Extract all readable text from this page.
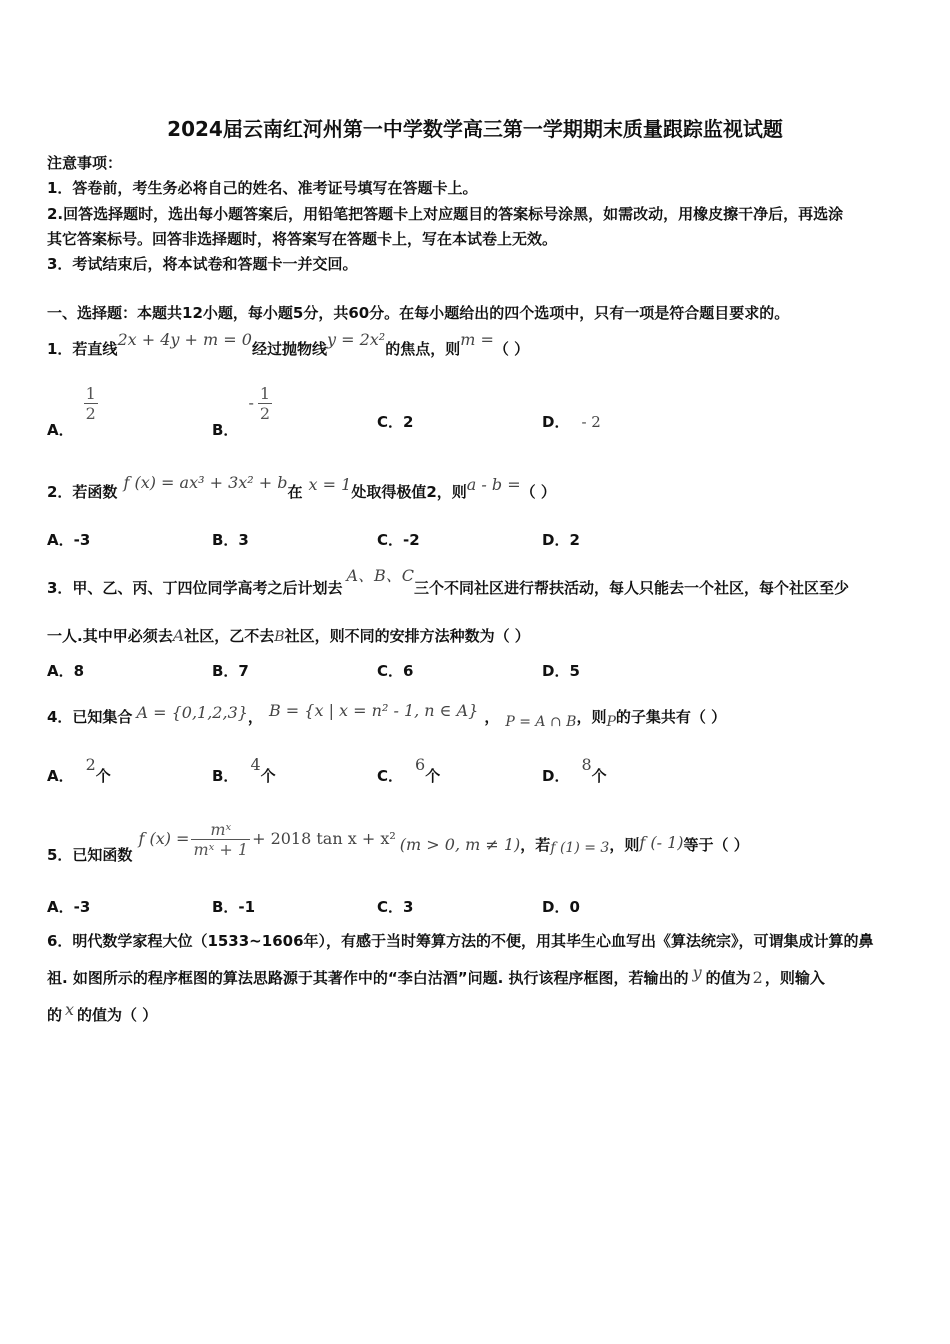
2024届云南红河州第一中学数学高三第一学期期末质量跟踪监视试题
注意事项：
1．答卷前，考生务必将自己的姓名、准考证号填写在答题卡上。
2.回答选择题时，选出每小题答案后，用铅笔把答题卡上对应题目的答案标号涂黑，如需改动，用橡皮擦干净后，再选涂
其它答案标号。回答非选择题时，将答案写在答题卡上，写在本试卷上无效。
3．考试结束后，将本试卷和答题卡一并交回。
一、选择题：本题共12小题，每小题5分，共60分。在每小题给出的四个选项中，只有一项是符合题目要求的。
1．若直线2x + 4y + m = 0经过抛物线y = 2x²的焦点，则m =（ ）
A．
$\frac{1}{2}$
B．- $\frac{1}{2}$	C．2	D． - 2
2．若函数 f (x) = ax³ + 3x² + b在 x = 1处取得极值2，则a - b =（ ）
A．-3	B．3	C．-2	D．2
3．甲、乙、丙、丁四位同学高考之后计划去A、B、C三个不同社区进行帮扶活动，每人只能去一个社区，每个社区至少
一人.其中甲必须去A社区，乙不去B社区，则不同的安排方法种数为（ ）
A．8	B．7	C．6	D．5
4．已知集合 A = {0,1,2,3}， B = {x | x = n² - 1, n ∈ A} ， P = A ∩ B，则P的子集共有（ ）
A．2个	B．4个	C．6个	D．8个
5．已知函数f $(x) = \frac{\text{mˣ}}{\text{mˣ + 1}} + 2018$ tan x + x² (m > 0, m ≠ 1)，若f (1) = 3，则f (- 1)等于（ ）
A．-3	B．-1	C．3	D．0
6．明代数学家程大位（1533~1606年），有感于当时筹算方法的不便，用其毕生心血写出《算法统宗》，可谓集成计算的鼻
祖. 如图所示的程序框图的算法思路源于其著作中的“李白沽酒”问题. 执行该程序框图，若输出的 y 的值为 2 ，则输入
的 x 的值为（ ）
